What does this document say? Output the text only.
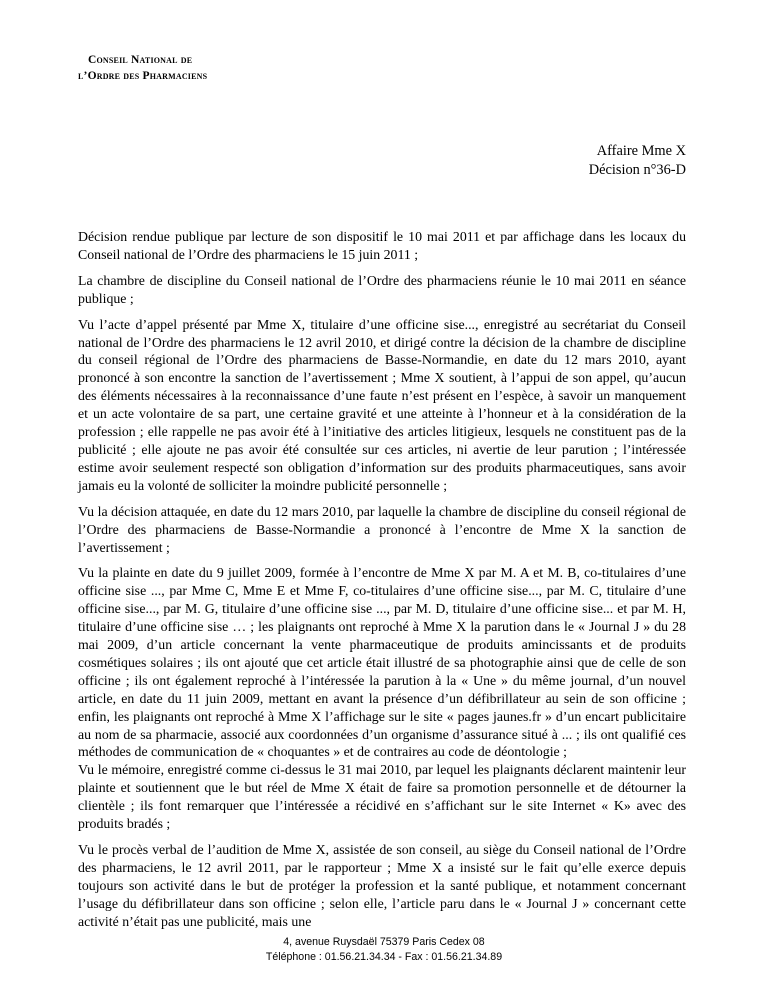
Conseil National de
l’Ordre des Pharmaciens
Affaire Mme X
Décision n°36-D

Décision rendue publique par lecture de son dispositif le 10 mai 2011 et par affichage dans les locaux du Conseil national de l’Ordre des pharmaciens le 15 juin 2011 ;

La chambre de discipline du Conseil national de l’Ordre des pharmaciens réunie le 10 mai 2011 en séance publique ;

Vu l’acte d’appel présenté par Mme X, titulaire d’une officine sise..., enregistré au secrétariat du Conseil national de l’Ordre des pharmaciens le 12 avril 2010, et dirigé contre la décision de la chambre de discipline du conseil régional de l’Ordre des pharmaciens de Basse-Normandie, en date du 12 mars 2010, ayant prononcé à son encontre la sanction de l’avertissement ; Mme X soutient, à l’appui de son appel, qu’aucun des éléments nécessaires à la reconnaissance d’une faute n’est présent en l’espèce, à savoir un manquement et un acte volontaire de sa part, une certaine gravité et une atteinte à l’honneur et à la considération de la profession ; elle rappelle ne pas avoir été à l’initiative des articles litigieux, lesquels ne constituent pas de la publicité ; elle ajoute ne pas avoir été consultée sur ces articles, ni avertie de leur parution ; l’intéressée estime avoir seulement respecté son obligation d’information sur des produits pharmaceutiques, sans avoir jamais eu la volonté de solliciter la moindre publicité personnelle ;

Vu la décision attaquée, en date du 12 mars 2010, par laquelle la chambre de discipline du conseil régional de l’Ordre des pharmaciens de Basse-Normandie a prononcé à l’encontre de Mme X la sanction de l’avertissement ;

Vu la plainte en date du 9 juillet 2009, formée à l’encontre de Mme X par M. A et M. B, co-titulaires d’une officine sise ..., par Mme C, Mme E et Mme F, co-titulaires d’une officine sise..., par M. C, titulaire d’une officine sise..., par M. G, titulaire d’une officine sise ..., par M. D, titulaire d’une officine sise... et par M. H, titulaire d’une officine sise … ; les plaignants ont reproché à Mme X la parution dans le « Journal J » du 28 mai 2009, d’un article concernant la vente pharmaceutique de produits amincissants et de produits cosmétiques solaires ; ils ont ajouté que cet article était illustré de sa photographie ainsi que de celle de son officine ; ils ont également reproché à l’intéressée la parution à la « Une » du même journal, d’un nouvel article, en date du 11 juin 2009, mettant en avant la présence d’un défibrillateur au sein de son officine ; enfin, les plaignants ont reproché à Mme X l’affichage sur le site « pages jaunes.fr » d’un encart publicitaire au nom de sa pharmacie, associé aux coordonnées d’un organisme d’assurance situé à ... ; ils ont qualifié ces méthodes de communication de « choquantes » et de contraires au code de déontologie ;

Vu le mémoire, enregistré comme ci-dessus le 31 mai 2010, par lequel les plaignants déclarent maintenir leur plainte et soutiennent que le but réel de Mme X était de faire sa promotion personnelle et de détourner la clientèle ; ils font remarquer que l’intéressée a récidivé en s’affichant sur le site Internet « K» avec des produits bradés ;

Vu le procès verbal de l’audition de Mme X, assistée de son conseil, au siège du Conseil national de l’Ordre des pharmaciens, le 12 avril 2011, par le rapporteur ; Mme X a insisté sur le fait qu’elle exerce depuis toujours son activité dans le but de protéger la profession et la santé publique, et notamment concernant l’usage du défibrillateur dans son officine ; selon elle, l’article paru dans le « Journal J » concernant cette activité n’était pas une publicité, mais une

4, avenue Ruysdaël 75379 Paris Cedex 08
Téléphone : 01.56.21.34.34 - Fax : 01.56.21.34.89
